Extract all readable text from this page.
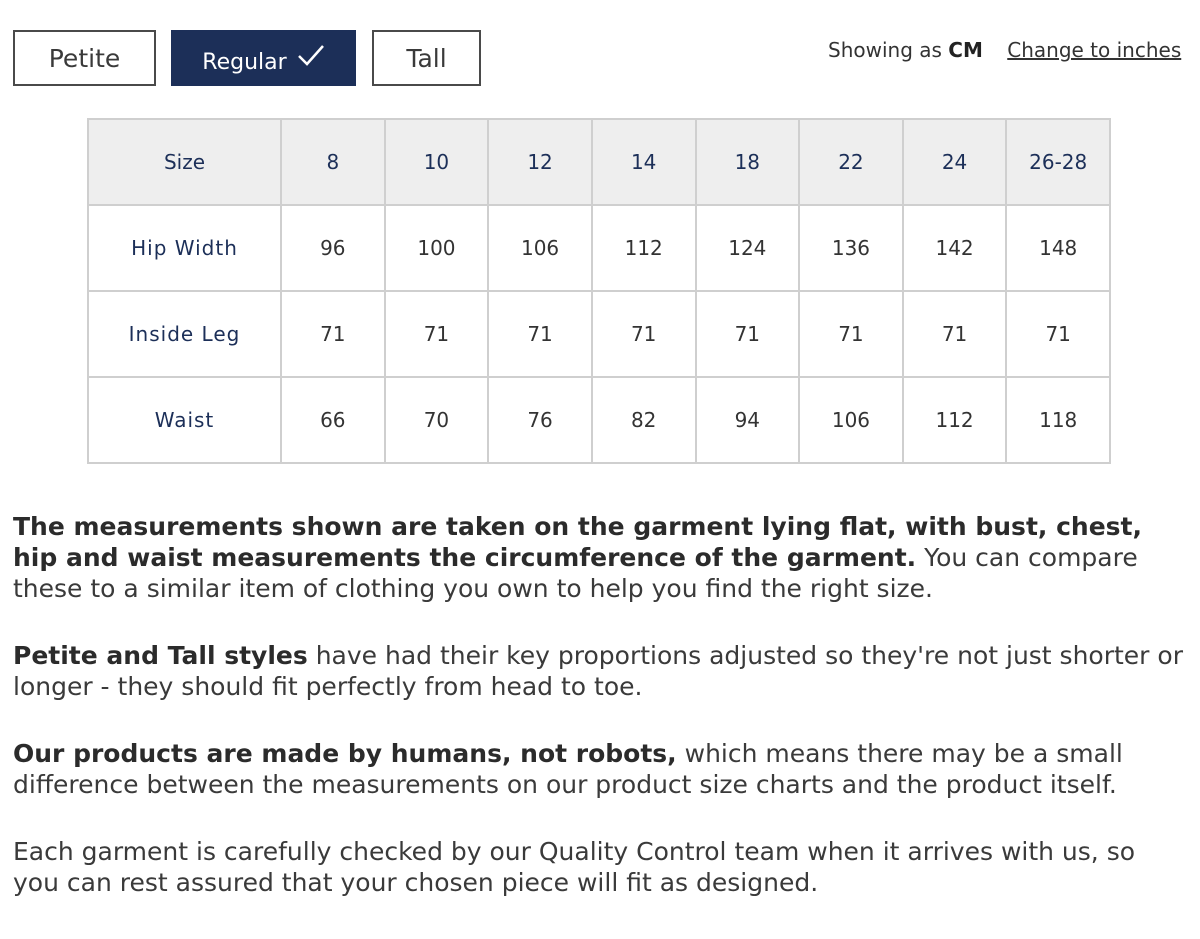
Petite	Regular	Tall	Showing as CM Change to inches
Size	8	10	12	14	18	22	24	26-28
Hip Width	96	100	106	112	124	136	142	148
Inside Leg	71	71	71	71	71	71	71	71
Waist	66	70	76	82	94	106	112	118

The measurements shown are taken on the garment lying flat, with bust, chest, hip and waist measurements the circumference of the garment. You can compare these to a similar item of clothing you own to help you find the right size.

Petite and Tall styles have had their key proportions adjusted so they're not just shorter or longer - they should fit perfectly from head to toe.

Our products are made by humans, not robots, which means there may be a small difference between the measurements on our product size charts and the product itself.

Each garment is carefully checked by our Quality Control team when it arrives with us, so you can rest assured that your chosen piece will fit as designed.
